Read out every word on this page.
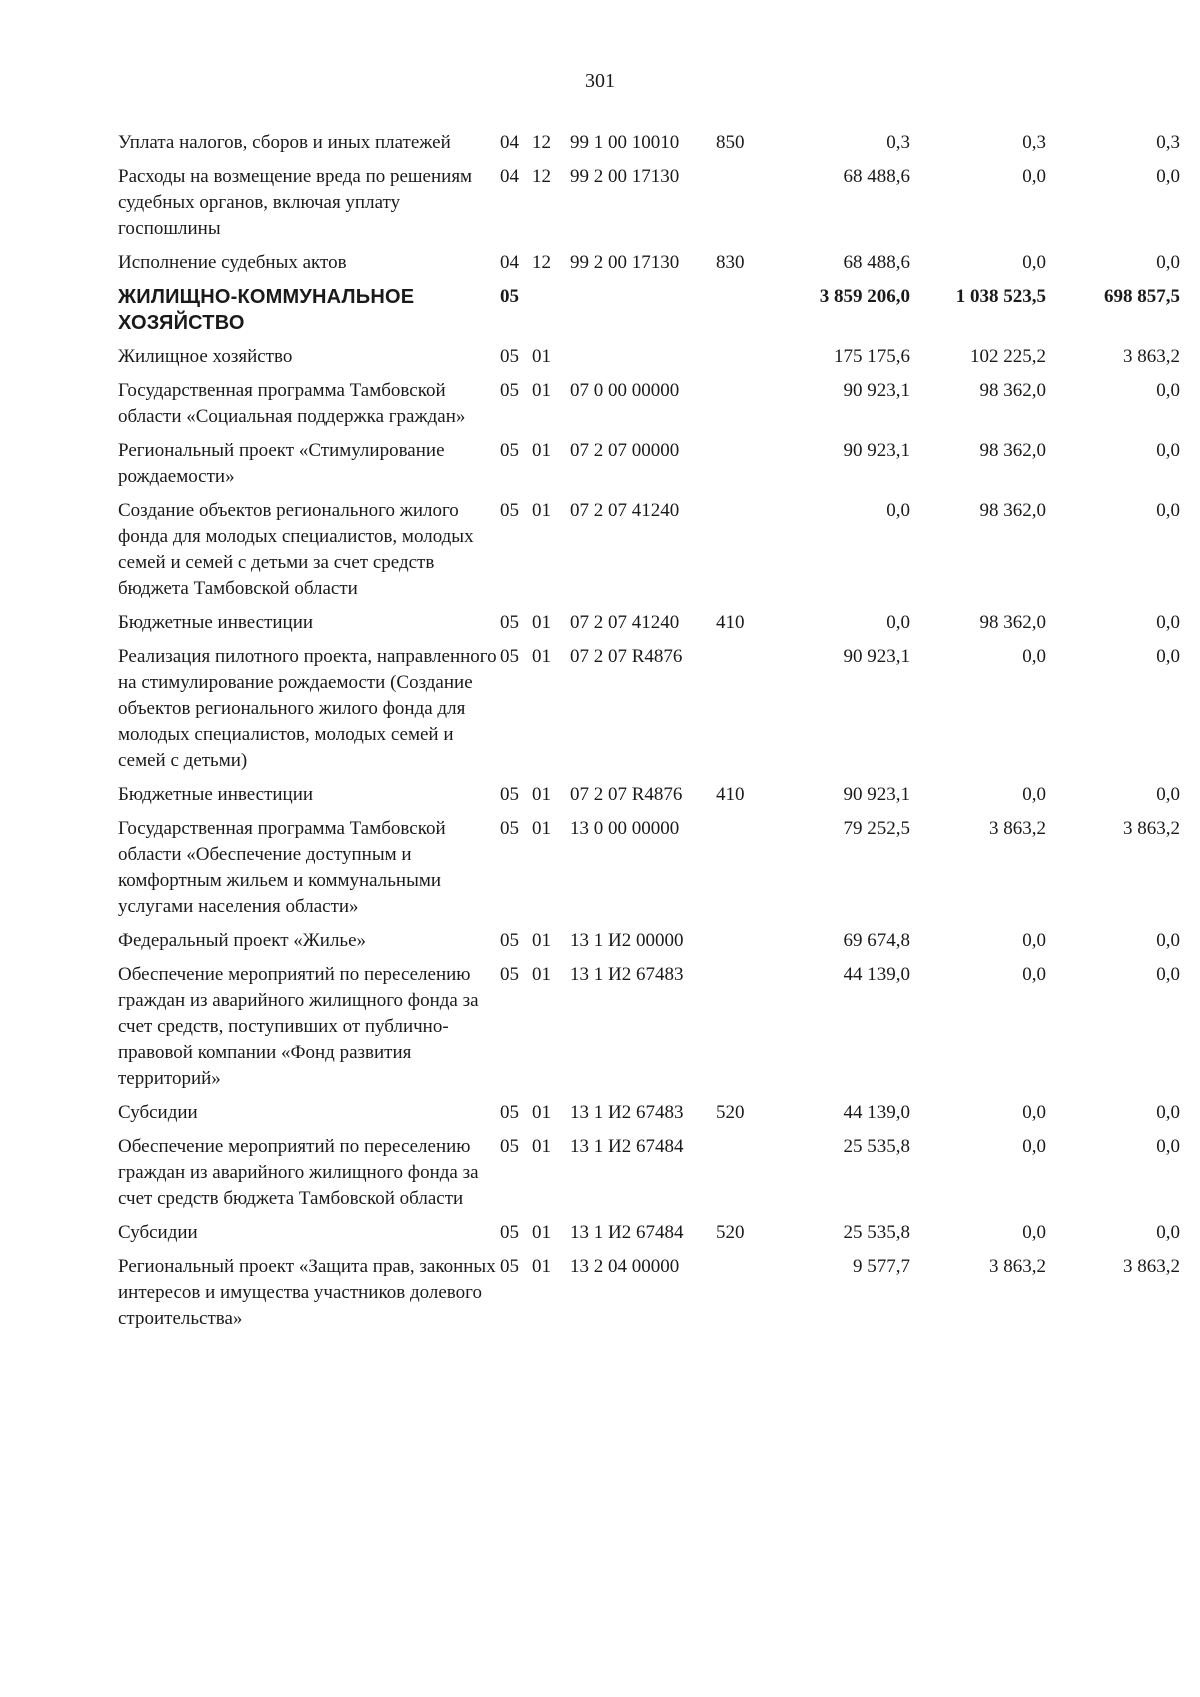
301
Уплата налогов, сборов и иных платежей	04	12	99 1 00 10010	850	0,3	0,3	0,3
Расходы на возмещение вреда по решениям судебных органов, включая уплату госпошлины	04	12	99 2 00 17130		68 488,6	0,0	0,0
Исполнение судебных актов	04	12	99 2 00 17130	830	68 488,6	0,0	0,0
ЖИЛИЩНО-КОММУНАЛЬНОЕ ХОЗЯЙСТВО	05				3 859 206,0	1 038 523,5	698 857,5
Жилищное хозяйство	05	01			175 175,6	102 225,2	3 863,2
Государственная программа Тамбовской области «Социальная поддержка граждан»	05	01	07 0 00 00000		90 923,1	98 362,0	0,0
Региональный проект «Стимулирование рождаемости»	05	01	07 2 07 00000		90 923,1	98 362,0	0,0
Создание объектов регионального жилого фонда для молодых специалистов, молодых семей и семей с детьми за счет средств бюджета Тамбовской области	05	01	07 2 07 41240		0,0	98 362,0	0,0
Бюджетные инвестиции	05	01	07 2 07 41240	410	0,0	98 362,0	0,0
Реализация пилотного проекта, направленного на стимулирование рождаемости (Создание объектов регионального жилого фонда для молодых специалистов, молодых семей и семей с детьми)	05	01	07 2 07 R4876		90 923,1	0,0	0,0
Бюджетные инвестиции	05	01	07 2 07 R4876	410	90 923,1	0,0	0,0
Государственная программа Тамбовской области «Обеспечение доступным и комфортным жильем и коммунальными услугами населения области»	05	01	13 0 00 00000		79 252,5	3 863,2	3 863,2
Федеральный проект «Жилье»	05	01	13 1 И2 00000		69 674,8	0,0	0,0
Обеспечение мероприятий по переселению граждан из аварийного жилищного фонда за счет средств, поступивших от публично-правовой компании «Фонд развития территорий»	05	01	13 1 И2 67483		44 139,0	0,0	0,0
Субсидии	05	01	13 1 И2 67483	520	44 139,0	0,0	0,0
Обеспечение мероприятий по переселению граждан из аварийного жилищного фонда за счет средств бюджета Тамбовской области	05	01	13 1 И2 67484		25 535,8	0,0	0,0
Субсидии	05	01	13 1 И2 67484	520	25 535,8	0,0	0,0
Региональный проект «Защита прав, законных интересов и имущества участников долевого строительства»	05	01	13 2 04 00000		9 577,7	3 863,2	3 863,2
